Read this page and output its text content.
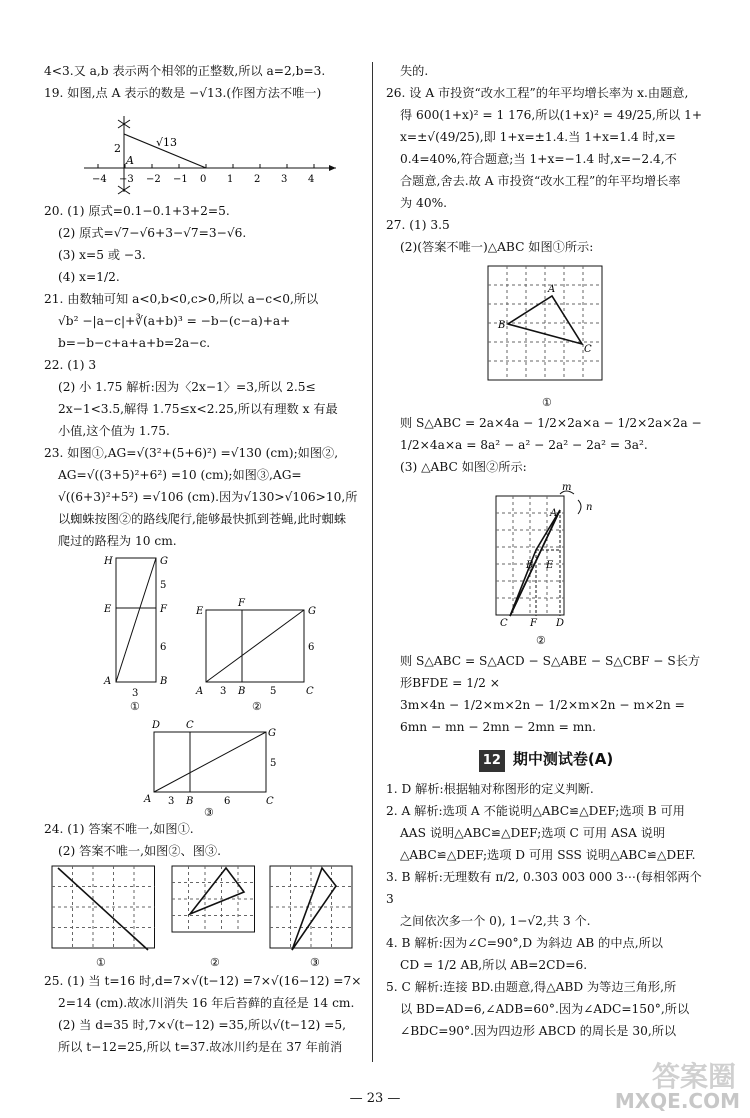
4<3.又 a,b 表示两个相邻的正整数,所以 a=2,b=3.

19. 如图,点 A 表示的数是 −√13.(作图方法不唯一)

−4 −3 −2 −1 0 1 2 3 4
2	√13
A

20. (1) 原式=0.1−0.1+3+2=5.

(2) 原式=√7−√6+3−√7=3−√6.

(3) x=5 或 −3.

(4) x=1/2.

21. 由数轴可知 a<0,b<0,c>0,所以 a−c<0,所以

√b² −|a−c|+∛(a+b)³ = −b−(c−a)+a+

b=−b−c+a+a+b=2a−c.

22. (1) 3

(2) 小 1.75 解析:因为〈2x−1〉=3,所以 2.5≤

2x−1<3.5,解得 1.75≤x<2.25,所以有理数 x 有最

小值,这个值为 1.75.

23. 如图①,AG=√(3²+(5+6)²) =√130 (cm);如图②,

AG=√((3+5)²+6²) =10 (cm);如图③,AG=

√((6+3)²+5²) =√106 (cm).因为√130>√106>10,所

以蜘蛛按图②的路线爬行,能够最快抓到苍蝇,此时蜘蛛

爬过的路程为 10 cm.

H	G
E	F
A	B
3
5
6
①
E
F
G
A	B	C
3
6
5
②
D	C
G
A	B	C
3	6
5
③

24. (1) 答案不唯一,如图①.

(2) 答案不唯一,如图②、图③.

①	②	③

25. (1) 当 t=16 时,d=7×√(t−12) =7×√(16−12) =7×

2=14 (cm).故冰川消失 16 年后苔藓的直径是 14 cm.

(2) 当 d=35 时,7×√(t−12) =35,所以√(t−12) =5,

所以 t−12=25,所以 t=37.故冰川约是在 37 年前消

失的.

26. 设 A 市投资“改水工程”的年平均增长率为 x.由题意,

得 600(1+x)² = 1 176,所以(1+x)² = 49/25,所以 1+

x=±√(49/25),即 1+x=±1.4.当 1+x=1.4 时,x=

0.4=40%,符合题意;当 1+x=−1.4 时,x=−2.4,不

合题意,舍去.故 A 市投资“改水工程”的年平均增长率

为 40%.

27. (1) 3.5

(2)(答案不唯一)△ABC 如图①所示:

B
A
C
①

则 S△ABC = 2a×4a − 1/2×2a×a − 1/2×2a×2a −

1/2×4a×a = 8a² − a² − 2a² − 2a² = 3a².

(3) △ABC 如图②所示:

m
n
A
B E
C F D
②

则 S△ABC = S△ACD − S△ABE − S△CBF − S长方形BFDE = 1/2 ×

3m×4n − 1/2×m×2n − 1/2×m×2n − m×2n =

6mn − mn − 2mn − 2mn = mn.

12 期中测试卷(A)

1. D 解析:根据轴对称图形的定义判断.

2. A 解析:选项 A 不能说明△ABC≌△DEF;选项 B 可用

AAS 说明△ABC≌△DEF;选项 C 可用 ASA 说明

△ABC≌△DEF;选项 D 可用 SSS 说明△ABC≌△DEF.

3. B 解析:无理数有 π/2, 0.303 003 000 3⋯(每相邻两个 3

之间依次多一个 0), 1−√2,共 3 个.

4. B 解析:因为∠C=90°,D 为斜边 AB 的中点,所以

CD = 1/2 AB,所以 AB=2CD=6.

5. C 解析:连接 BD.由题意,得△ABD 为等边三角形,所

以 BD=AD=6,∠ADB=60°.因为∠ADC=150°,所以

∠BDC=90°.因为四边形 ABCD 的周长是 30,所以

— 23 —
答案圈
MXQE.COM
